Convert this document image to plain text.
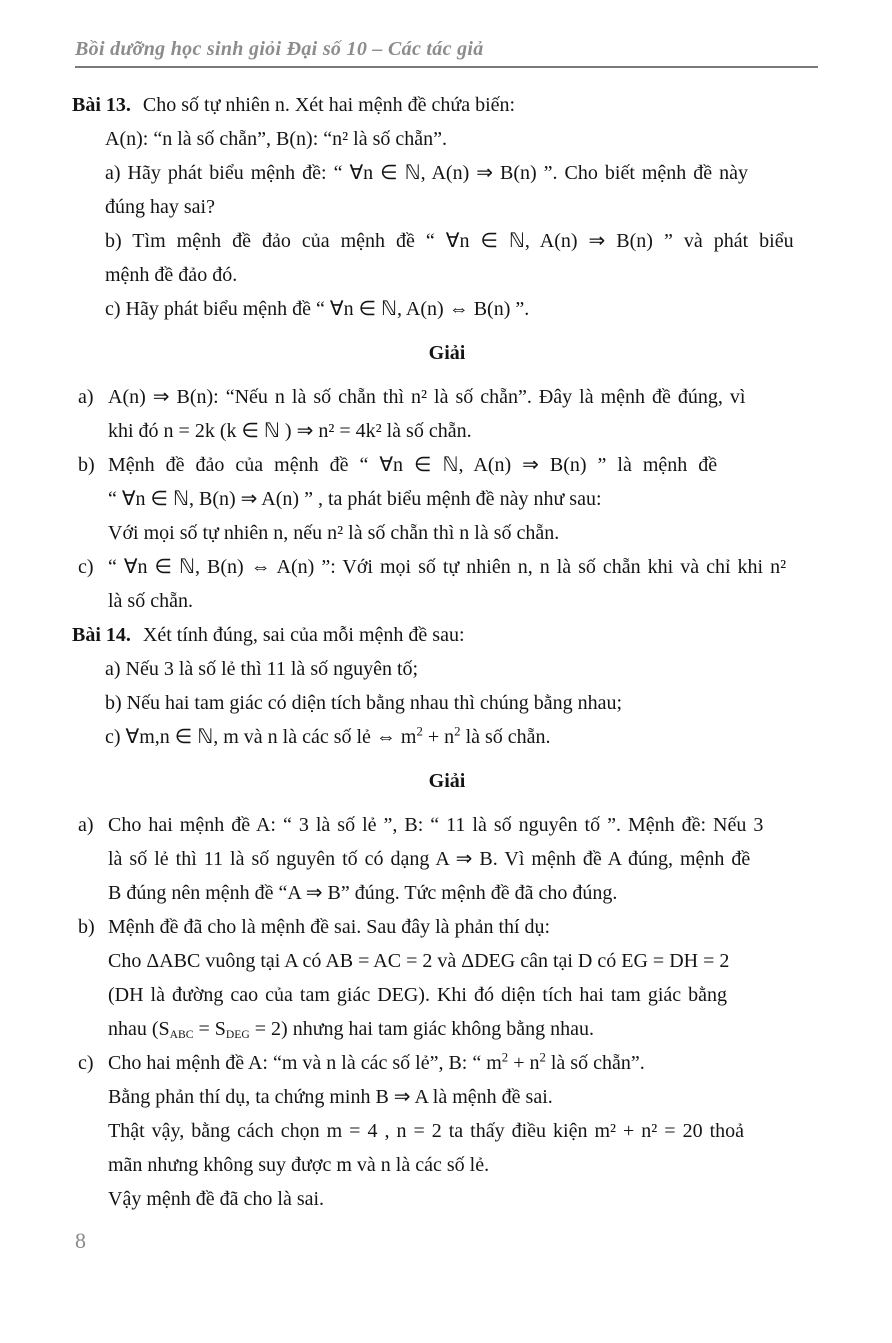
Bồi dưỡng học sinh giỏi Đại số 10 – Các tác giả
Bài 13. Cho số tự nhiên n. Xét hai mệnh đề chứa biến:
A(n): “n là số chẵn”, B(n): “n² là số chẵn”.
a) Hãy phát biểu mệnh đề: “ ∀n ∈ ℕ, A(n) ⇒ B(n) ”. Cho biết mệnh đề này
đúng hay sai?
b) Tìm mệnh đề đảo của mệnh đề “ ∀n ∈ ℕ, A(n) ⇒ B(n) ” và phát biểu
mệnh đề đảo đó.
c) Hãy phát biểu mệnh đề “ ∀n ∈ ℕ, A(n) ⇔ B(n) ”.
Giải
a) A(n) ⇒ B(n): “Nếu n là số chẵn thì n² là số chẵn”. Đây là mệnh đề đúng, vì
khi đó n = 2k (k ∈ ℕ ) ⇒ n² = 4k² là số chẵn.
b) Mệnh đề đảo của mệnh đề “ ∀n ∈ ℕ, A(n) ⇒ B(n) ” là mệnh đề
“ ∀n ∈ ℕ, B(n) ⇒ A(n) ” , ta phát biểu mệnh đề này như sau:
Với mọi số tự nhiên n, nếu n² là số chẵn thì n là số chẵn.
c) “ ∀n ∈ ℕ, B(n) ⇔ A(n) ”: Với mọi số tự nhiên n, n là số chẵn khi và chỉ khi n²
là số chẵn.
Bài 14. Xét tính đúng, sai của mỗi mệnh đề sau:
a) Nếu 3 là số lẻ thì 11 là số nguyên tố;
b) Nếu hai tam giác có diện tích bằng nhau thì chúng bằng nhau;
c) ∀m,n ∈ ℕ, m và n là các số lẻ ⇔ $m^2 + n^2$ là số chẵn.
Giải
a) Cho hai mệnh đề A: “ 3 là số lẻ ”, B: “ 11 là số nguyên tố ”. Mệnh đề: Nếu 3
là số lẻ thì 11 là số nguyên tố có dạng A ⇒ B. Vì mệnh đề A đúng, mệnh đề
B đúng nên mệnh đề “A ⇒ B” đúng. Tức mệnh đề đã cho đúng.
b) Mệnh đề đã cho là mệnh đề sai. Sau đây là phản thí dụ:
Cho ΔABC vuông tại A có AB = AC = 2 và ΔDEG cân tại D có EG = DH = 2
(DH là đường cao của tam giác DEG). Khi đó diện tích hai tam giác bằng
nhau $(S_{ABC} = S_{DEG} = 2)$ nhưng hai tam giác không bằng nhau.
c) Cho hai mệnh đề A: “m và n là các số lẻ”, B: “ $m^2 + n^2$ là số chẵn”.
Bằng phản thí dụ, ta chứng minh B ⇒ A là mệnh đề sai.
Thật vậy, bằng cách chọn m = 4 , n = 2 ta thấy điều kiện m² + n² = 20 thoả
mãn nhưng không suy được m và n là các số lẻ.
Vậy mệnh đề đã cho là sai.
8
